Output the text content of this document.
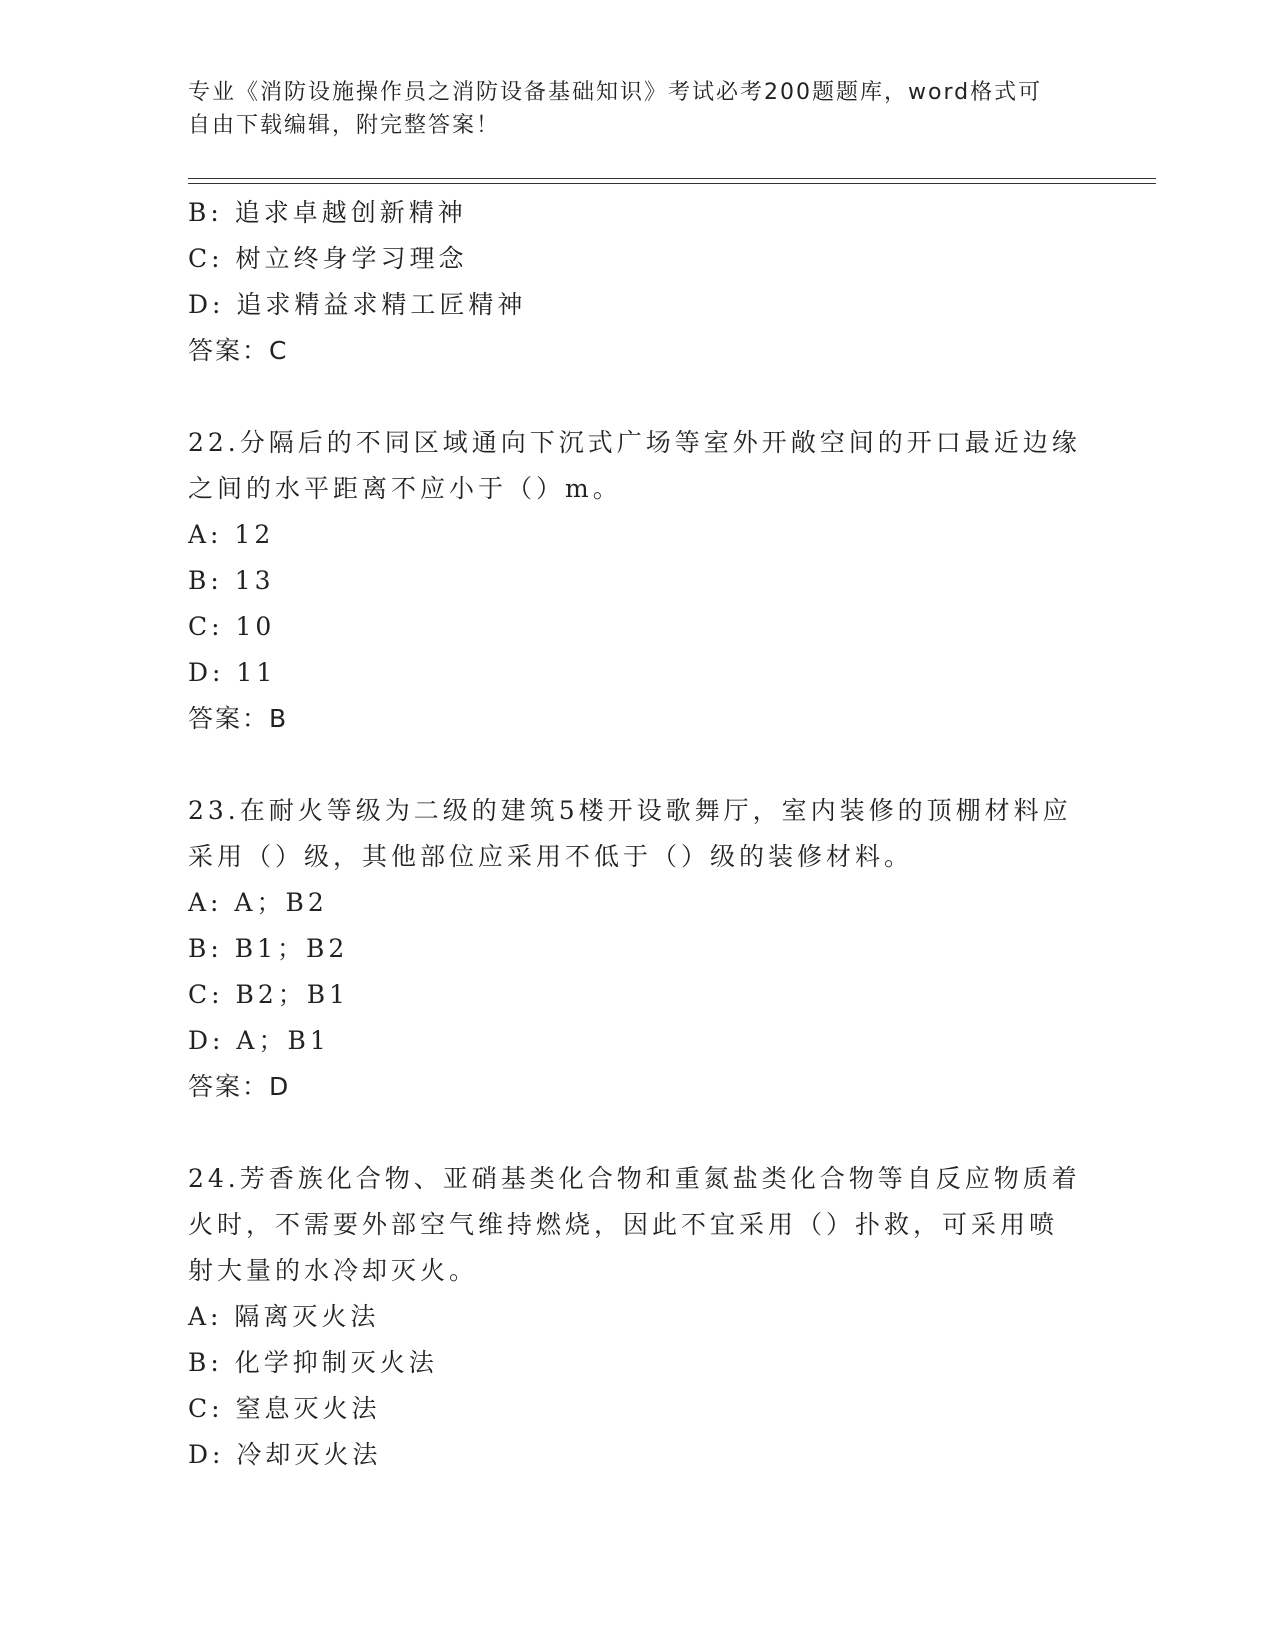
专业《消防设施操作员之消防设备基础知识》考试必考200题题库，word格式可
自由下载编辑，附完整答案！
B: 追求卓越创新精神
C: 树立终身学习理念
D: 追求精益求精工匠精神
答案：C
22.分隔后的不同区域通向下沉式广场等室外开敞空间的开口最近边缘
之间的水平距离不应小于（）m。
A: 12
B: 13
C: 10
D: 11
答案：B
23.在耐火等级为二级的建筑5楼开设歌舞厅，室内装修的顶棚材料应
采用（）级，其他部位应采用不低于（）级的装修材料。
A: A；B2
B: B1；B2
C: B2；B1
D: A；B1
答案：D
24.芳香族化合物、亚硝基类化合物和重氮盐类化合物等自反应物质着
火时，不需要外部空气维持燃烧，因此不宜采用（）扑救，可采用喷
射大量的水冷却灭火。
A: 隔离灭火法
B: 化学抑制灭火法
C: 窒息灭火法
D: 冷却灭火法
